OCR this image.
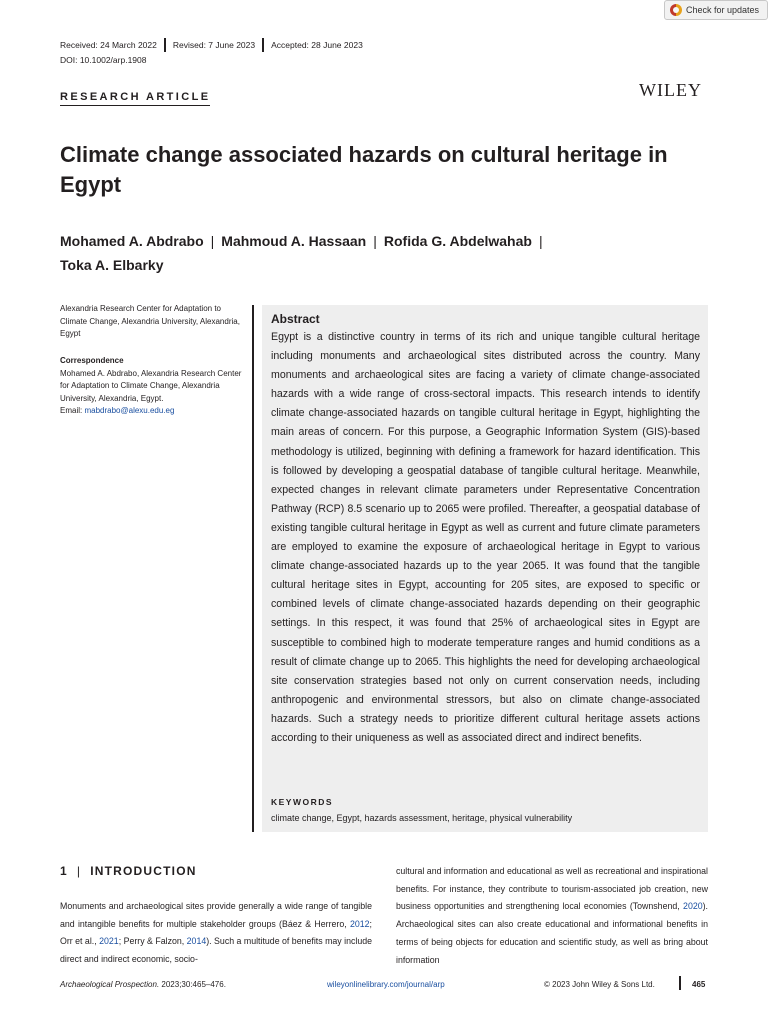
Check for updates
Received: 24 March 2022	Revised: 7 June 2023	Accepted: 28 June 2023
DOI: 10.1002/arp.1908
RESEARCH ARTICLE	WILEY
Climate change associated hazards on cultural heritage in Egypt
Mohamed A. Abdrabo | Mahmoud A. Hassaan | Rofida G. Abdelwahab |
Toka A. Elbarky
Alexandria Research Center for Adaptation to Climate Change, Alexandria University, Alexandria, Egypt
Correspondence
Mohamed A. Abdrabo, Alexandria Research Center for Adaptation to Climate Change, Alexandria University, Alexandria, Egypt.
Email: mabdrabo@alexu.edu.eg
Abstract

Egypt is a distinctive country in terms of its rich and unique tangible cultural heritage including monuments and archaeological sites distributed across the country. Many monuments and archaeological sites are facing a variety of climate change-associated hazards with a wide range of cross-sectoral impacts. This research intends to identify climate change-associated hazards on tangible cultural heritage in Egypt, highlighting the main areas of concern. For this purpose, a Geographic Information System (GIS)-based methodology is utilized, beginning with defining a framework for hazard identification. This is followed by developing a geospatial database of tangible cultural heritage. Meanwhile, expected changes in relevant climate parameters under Representative Concentration Pathway (RCP) 8.5 scenario up to 2065 were profiled. Thereafter, a geospatial database of existing tangible cultural heritage in Egypt as well as current and future climate parameters are employed to examine the exposure of archaeological heritage in Egypt to various climate change-associated hazards up to the year 2065. It was found that the tangible cultural heritage sites in Egypt, accounting for 205 sites, are exposed to specific or combined levels of climate change-associated hazards depending on their geographic settings. In this respect, it was found that 25% of archaeological sites in Egypt are susceptible to combined high to moderate temperature ranges and humid conditions as a result of climate change up to 2065. This highlights the need for developing archaeological site conservation strategies based not only on current conservation needs, including anthropogenic and environmental stressors, but also on climate change-associated hazards. Such a strategy needs to prioritize different cultural heritage assets actions according to their uniqueness as well as associated direct and indirect benefits.

KEYWORDS
climate change, Egypt, hazards assessment, heritage, physical vulnerability
1 | INTRODUCTION

Monuments and archaeological sites provide generally a wide range of tangible and intangible benefits for multiple stakeholder groups (Báez & Herrero, 2012; Orr et al., 2021; Perry & Falzon, 2014). Such a multitude of benefits may include direct and indirect economic, socio-

cultural and information and educational as well as recreational and inspirational benefits. For instance, they contribute to tourism-associated job creation, new business opportunities and strengthening local economies (Townshend, 2020). Archaeological sites can also create educational and informational benefits in terms of being objects for education and scientific study, as well as bring about information

Archaeological Prospection. 2023;30:465–476.	wileyonlinelibrary.com/journal/arp	© 2023 John Wiley & Sons Ltd.	465
